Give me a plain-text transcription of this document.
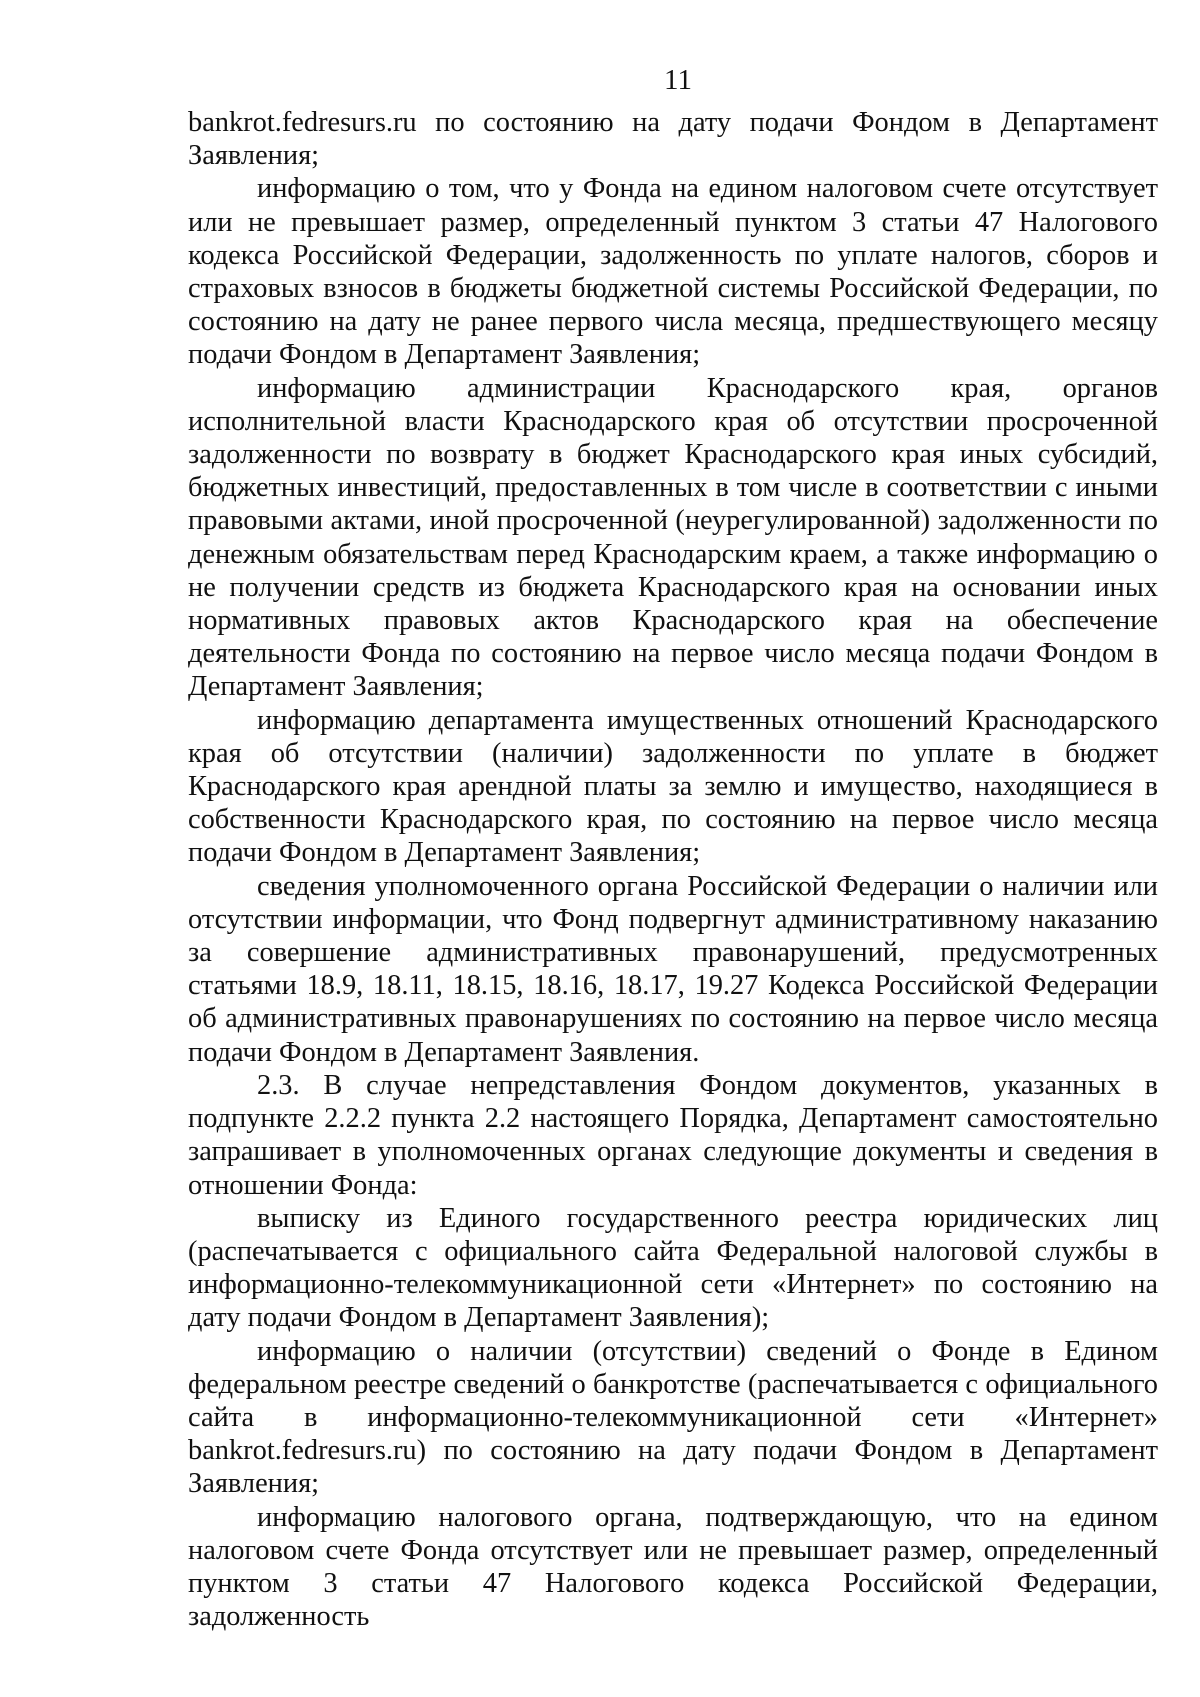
11

bankrot.fedresurs.ru по состоянию на дату подачи Фондом в Департамент Заявления;

информацию о том, что у Фонда на едином налоговом счете отсутствует или не превышает размер, определенный пунктом 3 статьи 47 Налогового кодекса Российской Федерации, задолженность по уплате налогов, сборов и страховых взносов в бюджеты бюджетной системы Российской Федерации, по состоянию на дату не ранее первого числа месяца, предшествующего месяцу подачи Фондом в Департамент Заявления;

информацию администрации Краснодарского края, органов исполнительной власти Краснодарского края об отсутствии просроченной задолженности по возврату в бюджет Краснодарского края иных субсидий, бюджетных инвестиций, предоставленных в том числе в соответствии с иными правовыми актами, иной просроченной (неурегулированной) задолженности по денежным обязательствам перед Краснодарским краем, а также информацию о не получении средств из бюджета Краснодарского края на основании иных нормативных правовых актов Краснодарского края на обеспечение деятельности Фонда по состоянию на первое число месяца подачи Фондом в Департамент Заявления;

информацию департамента имущественных отношений Краснодарского края об отсутствии (наличии) задолженности по уплате в бюджет Краснодарского края арендной платы за землю и имущество, находящиеся в собственности Краснодарского края, по состоянию на первое число месяца подачи Фондом в Департамент Заявления;

сведения уполномоченного органа Российской Федерации о наличии или отсутствии информации, что Фонд подвергнут административному наказанию за совершение административных правонарушений, предусмотренных статьями 18.9, 18.11, 18.15, 18.16, 18.17, 19.27 Кодекса Российской Федерации об административных правонарушениях по состоянию на первое число месяца подачи Фондом в Департамент Заявления.

2.3. В случае непредставления Фондом документов, указанных в подпункте 2.2.2 пункта 2.2 настоящего Порядка, Департамент самостоятельно запрашивает в уполномоченных органах следующие документы и сведения в отношении Фонда:

выписку из Единого государственного реестра юридических лиц (распечатывается с официального сайта Федеральной налоговой службы в информационно-телекоммуникационной сети «Интернет» по состоянию на дату подачи Фондом в Департамент Заявления);

информацию о наличии (отсутствии) сведений о Фонде в Едином федеральном реестре сведений о банкротстве (распечатывается с официального сайта в информационно-телекоммуникационной сети «Интернет» bankrot.fedresurs.ru) по состоянию на дату подачи Фондом в Департамент Заявления;

информацию налогового органа, подтверждающую, что на едином налоговом счете Фонда отсутствует или не превышает размер, определенный пунктом 3 статьи 47 Налогового кодекса Российской Федерации, задолженность
